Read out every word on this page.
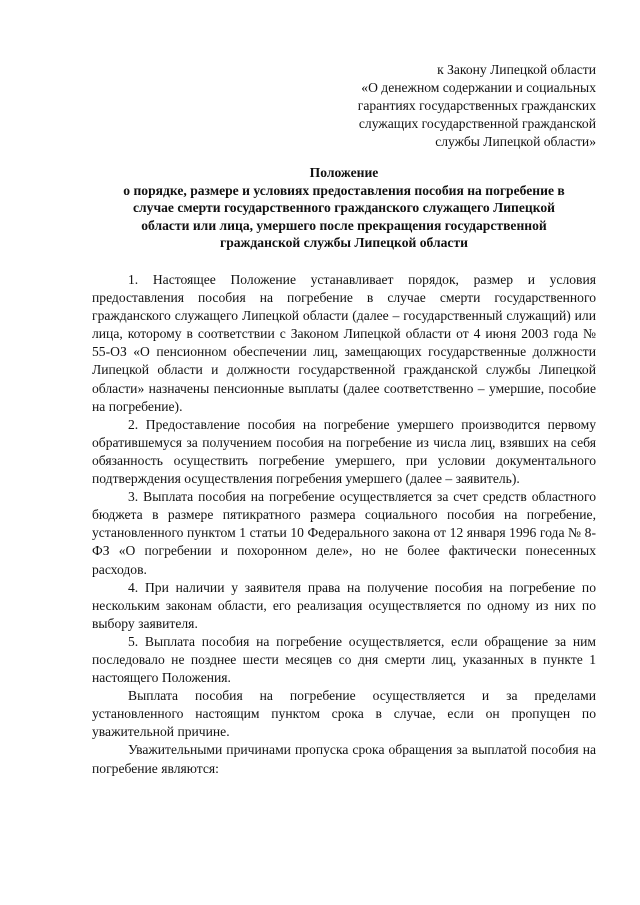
к Закону Липецкой области
«О денежном содержании и социальных
гарантиях государственных гражданских
служащих государственной гражданской
службы Липецкой области»
Положение
о порядке, размере и условиях предоставления пособия на погребение в
случае смерти государственного гражданского служащего Липецкой
области или лица, умершего после прекращения государственной
гражданской службы Липецкой области

1. Настоящее Положение устанавливает порядок, размер и условия предоставления пособия на погребение в случае смерти государственного гражданского служащего Липецкой области (далее – государственный служащий) или лица, которому в соответствии с Законом Липецкой области от 4 июня 2003 года № 55-ОЗ «О пенсионном обеспечении лиц, замещающих государственные должности Липецкой области и должности государственной гражданской службы Липецкой области» назначены пенсионные выплаты (далее соответственно – умершие, пособие на погребение).

2. Предоставление пособия на погребение умершего производится первому обратившемуся за получением пособия на погребение из числа лиц, взявших на себя обязанность осуществить погребение умершего, при условии документального подтверждения осуществления погребения умершего (далее – заявитель).

3. Выплата пособия на погребение осуществляется за счет средств областного бюджета в размере пятикратного размера социального пособия на погребение, установленного пунктом 1 статьи 10 Федерального закона от 12 января 1996 года № 8-ФЗ «О погребении и похоронном деле», но не более фактически понесенных расходов.

4. При наличии у заявителя права на получение пособия на погребение по нескольким законам области, его реализация осуществляется по одному из них по выбору заявителя.

5. Выплата пособия на погребение осуществляется, если обращение за ним последовало не позднее шести месяцев со дня смерти лиц, указанных в пункте 1 настоящего Положения.

Выплата пособия на погребение осуществляется и за пределами установленного настоящим пунктом срока в случае, если он пропущен по уважительной причине.

Уважительными причинами пропуска срока обращения за выплатой пособия на погребение являются:
